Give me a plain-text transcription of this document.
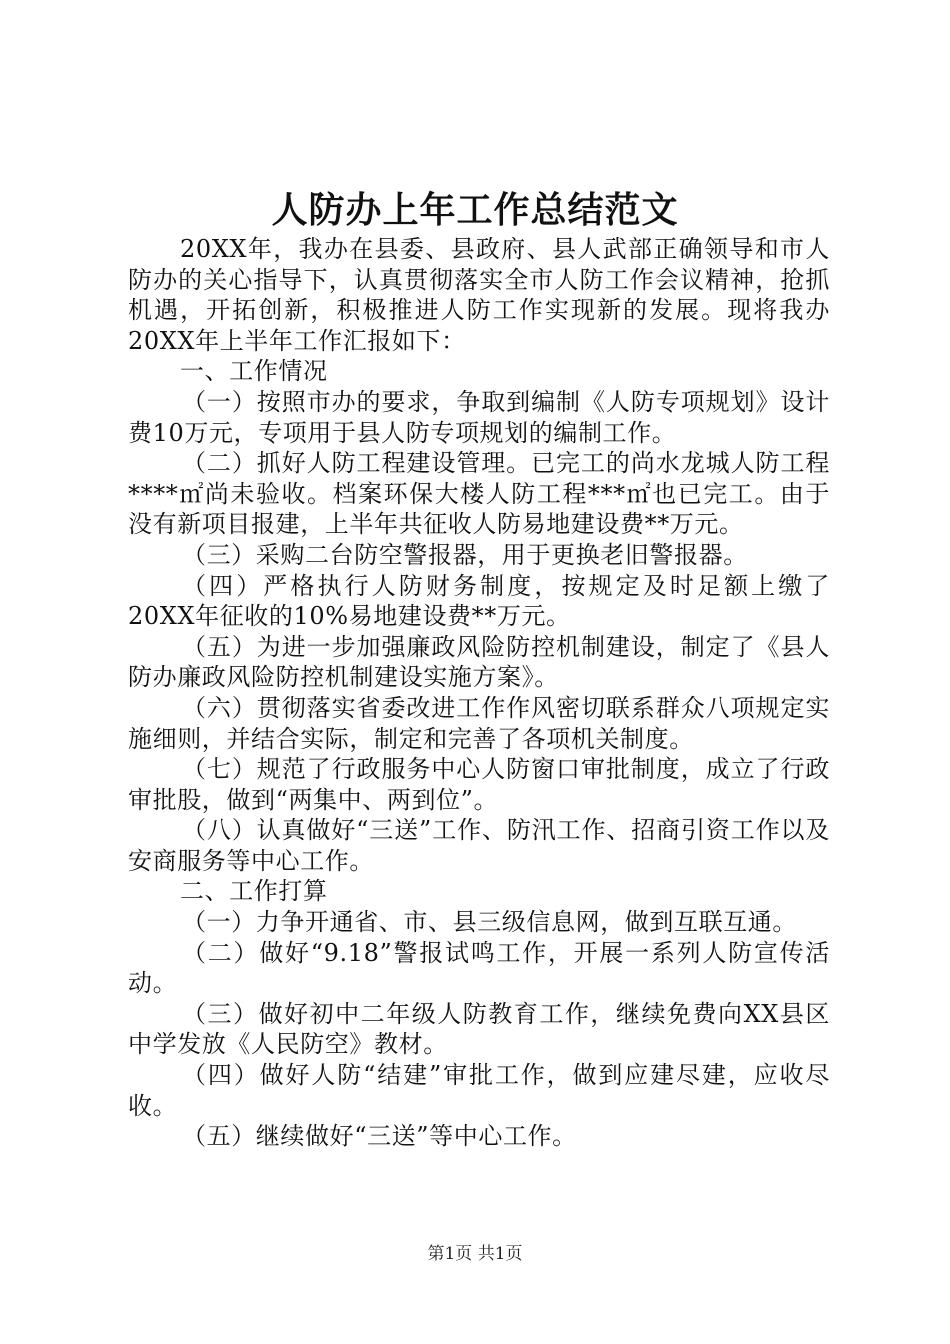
人防办上年工作总结范文

20XX年，我办在县委、县政府、县人武部正确领导和市人防办的关心指导下，认真贯彻落实全市人防工作会议精神，抢抓机遇，开拓创新，积极推进人防工作实现新的发展。现将我办20XX年上半年工作汇报如下：

一、工作情况

（一）按照市办的要求，争取到编制《人防专项规划》设计费10万元，专项用于县人防专项规划的编制工作。

（二）抓好人防工程建设管理。已完工的尚水龙城人防工程****㎡尚未验收。档案环保大楼人防工程***㎡也已完工。由于没有新项目报建，上半年共征收人防易地建设费**万元。

（三）采购二台防空警报器，用于更换老旧警报器。

（四）严格执行人防财务制度，按规定及时足额上缴了20XX年征收的10%易地建设费**万元。

（五）为进一步加强廉政风险防控机制建设，制定了《县人防办廉政风险防控机制建设实施方案》。

（六）贯彻落实省委改进工作作风密切联系群众八项规定实施细则，并结合实际，制定和完善了各项机关制度。

（七）规范了行政服务中心人防窗口审批制度，成立了行政审批股，做到“两集中、两到位”。

（八）认真做好“三送”工作、防汛工作、招商引资工作以及安商服务等中心工作。

二、工作打算

（一）力争开通省、市、县三级信息网，做到互联互通。

（二）做好“9.18”警报试鸣工作，开展一系列人防宣传活动。

（三）做好初中二年级人防教育工作，继续免费向XX县区中学发放《人民防空》教材。

（四）做好人防“结建”审批工作，做到应建尽建，应收尽收。

（五）继续做好“三送”等中心工作。

第1页 共1页
